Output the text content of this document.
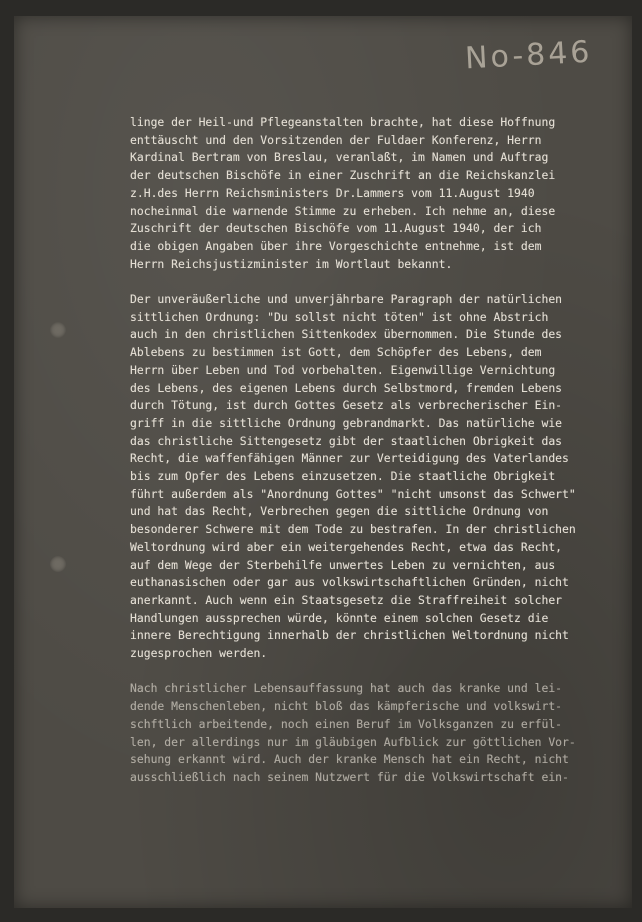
No-846

linge der Heil-und Pflegeanstalten brachte, hat diese Hoffnung
enttäuscht und den Vorsitzenden der Fuldaer Konferenz, Herrn
Kardinal Bertram von Breslau, veranlaßt, im Namen und Auftrag
der deutschen Bischöfe in einer Zuschrift an die Reichskanzlei
z.H.des Herrn Reichsministers Dr.Lammers vom 11.August 1940
nocheinmal die warnende Stimme zu erheben. Ich nehme an, diese
Zuschrift der deutschen Bischöfe vom 11.August 1940, der ich
die obigen Angaben über ihre Vorgeschichte entnehme, ist dem
Herrn Reichsjustizminister im Wortlaut bekannt.

Der unveräußerliche und unverjährbare Paragraph der natürlichen
sittlichen Ordnung: "Du sollst nicht töten" ist ohne Abstrich
auch in den christlichen Sittenkodex übernommen. Die Stunde des
Ablebens zu bestimmen ist Gott, dem Schöpfer des Lebens, dem
Herrn über Leben und Tod vorbehalten. Eigenwillige Vernichtung
des Lebens, des eigenen Lebens durch Selbstmord, fremden Lebens
durch Tötung, ist durch Gottes Gesetz als verbrecherischer Ein-
griff in die sittliche Ordnung gebrandmarkt. Das natürliche wie
das christliche Sittengesetz gibt der staatlichen Obrigkeit das
Recht, die waffenfähigen Männer zur Verteidigung des Vaterlandes
bis zum Opfer des Lebens einzusetzen. Die staatliche Obrigkeit
führt außerdem als "Anordnung Gottes" "nicht umsonst das Schwert"
und hat das Recht, Verbrechen gegen die sittliche Ordnung von
besonderer Schwere mit dem Tode zu bestrafen. In der christlichen
Weltordnung wird aber ein weitergehendes Recht, etwa das Recht,
auf dem Wege der Sterbehilfe unwertes Leben zu vernichten, aus
euthanasischen oder gar aus volkswirtschaftlichen Gründen, nicht
anerkannt. Auch wenn ein Staatsgesetz die Straffreiheit solcher
Handlungen aussprechen würde, könnte einem solchen Gesetz die
innere Berechtigung innerhalb der christlichen Weltordnung nicht
zugesprochen werden.

Nach christlicher Lebensauffassung hat auch das kranke und lei-
dende Menschenleben, nicht bloß das kämpferische und volkswirt-
schftlich arbeitende, noch einen Beruf im Volksganzen zu erfül-
len, der allerdings nur im gläubigen Aufblick zur göttlichen Vor-
sehung erkannt wird. Auch der kranke Mensch hat ein Recht, nicht
ausschließlich nach seinem Nutzwert für die Volkswirtschaft ein-
